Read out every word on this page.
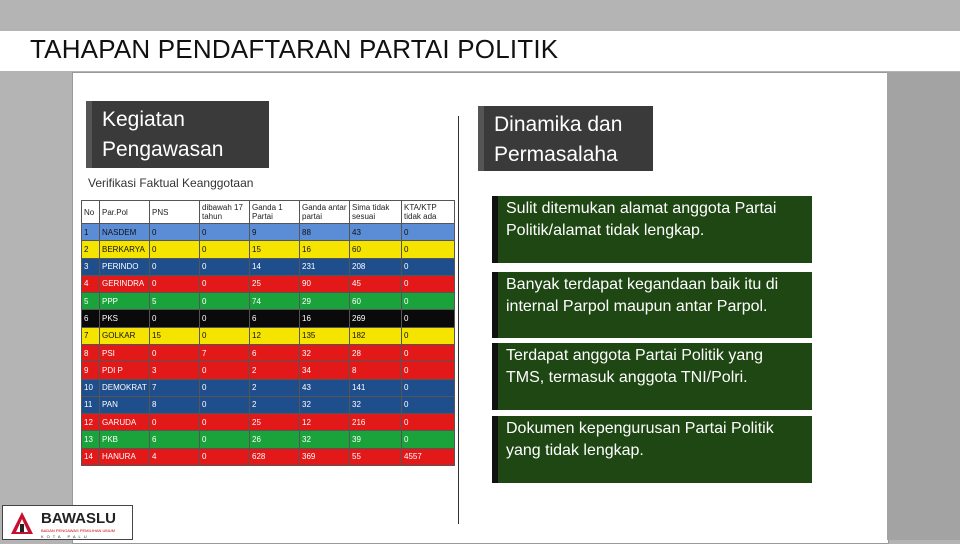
TAHAPAN PENDAFTARAN PARTAI POLITIK
Kegiatan Pengawasan
Dinamika dan Permasalaha
Verifikasi Faktual Keanggotaan
No	Par.Pol	PNS	dibawah 17 tahun	Ganda 1 Partai	Ganda antar partai	Sima tidak sesuai	KTA/KTP tidak ada
1	NASDEM	0	0	9	88	43	0
2	BERKARYA	0	0	15	16	60	0
3	PERINDO	0	0	14	231	208	0
4	GERINDRA	0	0	25	90	45	0
5	PPP	5	0	74	29	60	0
6	PKS	0	0	6	16	269	0
7	GOLKAR	15	0	12	135	182	0
8	PSI	0	7	6	32	28	0
9	PDI P	3	0	2	34	8	0
10	DEMOKRAT	7	0	2	43	141	0
11	PAN	8	0	2	32	32	0
12	GARUDA	0	0	25	12	216	0
13	PKB	6	0	26	32	39	0
14	HANURA	4	0	628	369	55	4557
Sulit ditemukan alamat anggota Partai Politik/alamat tidak lengkap.
Banyak terdapat kegandaan baik itu di internal Parpol maupun antar Parpol.
Terdapat anggota Partai Politik yang TMS, termasuk anggota TNI/Polri.
Dokumen kepengurusan Partai Politik yang tidak lengkap.
BAWASLU
BADAN PENGAWAS PEMILIHAN UMUM
KOTA PALU
